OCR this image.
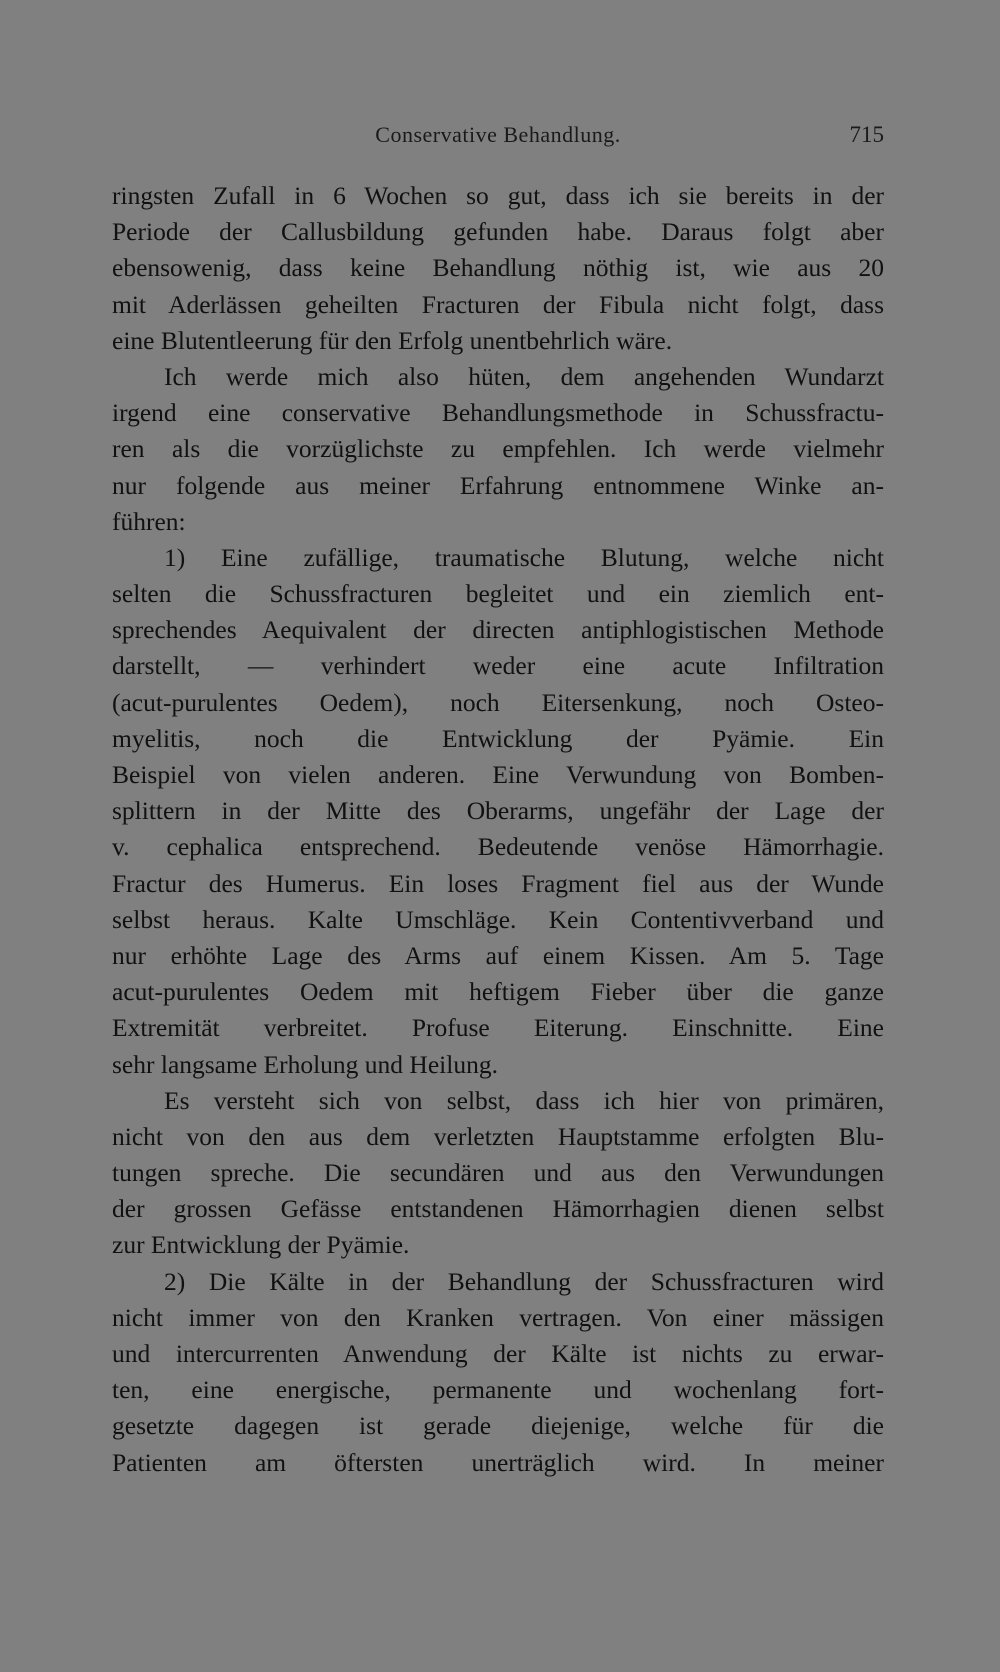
Conservative Behandlung.	715
ringsten Zufall in 6 Wochen so gut, dass ich sie bereits in der
Periode der Callusbildung gefunden habe. Daraus folgt aber
ebensowenig, dass keine Behandlung nöthig ist, wie aus 20
mit Aderlässen geheilten Fracturen der Fibula nicht folgt, dass
eine Blutentleerung für den Erfolg unentbehrlich wäre.
Ich werde mich also hüten, dem angehenden Wundarzt
irgend eine conservative Behandlungsmethode in Schussfractu-
ren als die vorzüglichste zu empfehlen. Ich werde vielmehr
nur folgende aus meiner Erfahrung entnommene Winke an-
führen:
1) Eine zufällige, traumatische Blutung, welche nicht
selten die Schussfracturen begleitet und ein ziemlich ent-
sprechendes Aequivalent der directen antiphlogistischen Methode
darstellt, — verhindert weder eine acute Infiltration
(acut-purulentes Oedem), noch Eitersenkung, noch Osteo-
myelitis, noch die Entwicklung der Pyämie. Ein
Beispiel von vielen anderen. Eine Verwundung von Bomben-
splittern in der Mitte des Oberarms, ungefähr der Lage der
v. cephalica entsprechend. Bedeutende venöse Hämorrhagie.
Fractur des Humerus. Ein loses Fragment fiel aus der Wunde
selbst heraus. Kalte Umschläge. Kein Contentivverband und
nur erhöhte Lage des Arms auf einem Kissen. Am 5. Tage
acut-purulentes Oedem mit heftigem Fieber über die ganze
Extremität verbreitet. Profuse Eiterung. Einschnitte. Eine
sehr langsame Erholung und Heilung.
Es versteht sich von selbst, dass ich hier von primären,
nicht von den aus dem verletzten Hauptstamme erfolgten Blu-
tungen spreche. Die secundären und aus den Verwundungen
der grossen Gefässe entstandenen Hämorrhagien dienen selbst
zur Entwicklung der Pyämie.
2) Die Kälte in der Behandlung der Schussfracturen wird
nicht immer von den Kranken vertragen. Von einer mässigen
und intercurrenten Anwendung der Kälte ist nichts zu erwar-
ten, eine energische, permanente und wochenlang fort-
gesetzte dagegen ist gerade diejenige, welche für die
Patienten am öftersten unerträglich wird. In meiner
